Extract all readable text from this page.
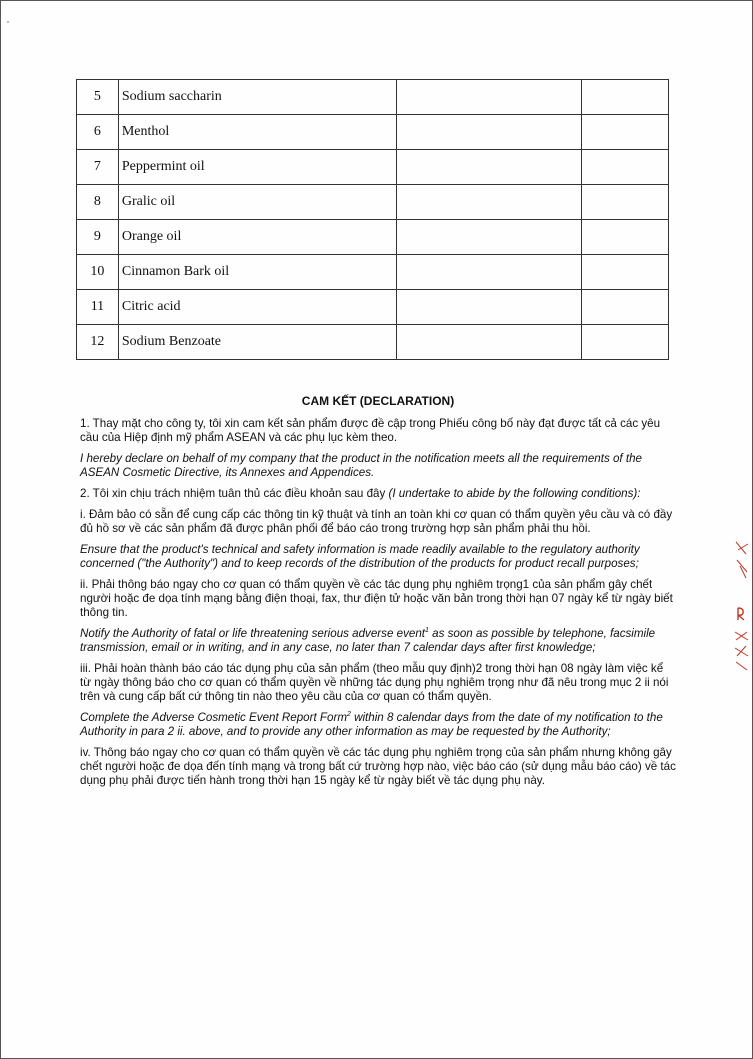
5	Sodium saccharin		
6	Menthol		
7	Peppermint oil		
8	Gralic oil		
9	Orange oil		
10	Cinnamon Bark oil		
11	Citric acid		
12	Sodium Benzoate		
CAM KẾT (DECLARATION)

1. Thay mặt cho công ty, tôi xin cam kết sản phẩm được đề cập trong Phiếu công bố này đạt được tất cả các yêu cầu của Hiệp định mỹ phẩm ASEAN và các phụ lục kèm theo.

I hereby declare on behalf of my company that the product in the notification meets all the requirements of the ASEAN Cosmetic Directive, its Annexes and Appendices.

2. Tôi xin chịu trách nhiệm tuân thủ các điều khoản sau đây (I undertake to abide by the following conditions):

i. Đảm bảo có sẵn để cung cấp các thông tin kỹ thuật và tính an toàn khi cơ quan có thẩm quyền yêu cầu và có đầy đủ hồ sơ về các sản phẩm đã được phân phối để báo cáo trong trường hợp sản phẩm phải thu hồi.

Ensure that the product's technical and safety information is made readily available to the regulatory authority concerned ("the Authority") and to keep records of the distribution of the products for product recall purposes;

ii. Phải thông báo ngay cho cơ quan có thẩm quyền về các tác dụng phụ nghiêm trọng1 của sản phẩm gây chết người hoặc đe dọa tính mạng bằng điện thoại, fax, thư điện tử hoặc văn bản trong thời hạn 07 ngày kể từ ngày biết thông tin.

Notify the Authority of fatal or life threatening serious adverse event$^1$ as soon as possible by telephone, facsimile transmission, email or in writing, and in any case, no later than 7 calendar days after first knowledge;

iii. Phải hoàn thành báo cáo tác dụng phụ của sản phẩm (theo mẫu quy định)2 trong thời hạn 08 ngày làm việc kể từ ngày thông báo cho cơ quan có thẩm quyền về những tác dụng phụ nghiêm trọng như đã nêu trong mục 2 ii nói trên và cung cấp bất cứ thông tin nào theo yêu cầu của cơ quan có thẩm quyền.

Complete the Adverse Cosmetic Event Report Form$^2$ within 8 calendar days from the date of my notification to the Authority in para 2 ii. above, and to provide any other information as may be requested by the Authority;

iv. Thông báo ngay cho cơ quan có thẩm quyền về các tác dụng phụ nghiêm trọng của sản phẩm nhưng không gây chết người hoặc đe dọa đến tính mạng và trong bất cứ trường hợp nào, việc báo cáo (sử dụng mẫu báo cáo) về tác dụng phụ phải được tiến hành trong thời hạn 15 ngày kể từ ngày biết về tác dụng phụ này.
